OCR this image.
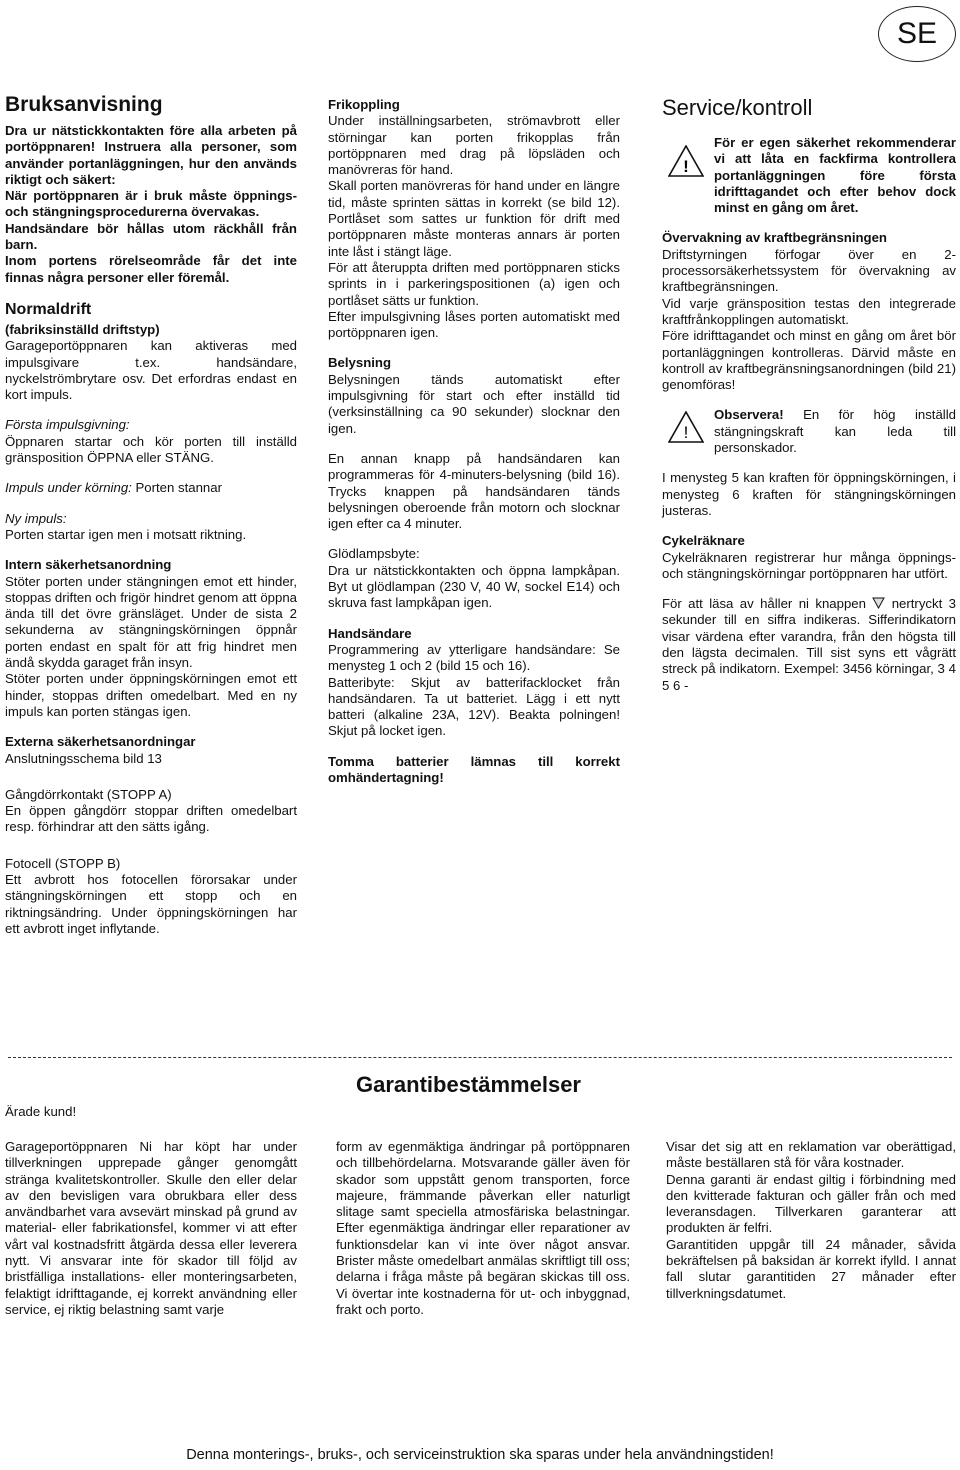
SE
Bruksanvisning

Dra ur nätstickkontakten före alla arbeten på portöppnaren! Instruera alla personer, som använder portanläggningen, hur den används riktigt och säkert:

När portöppnaren är i bruk måste öppnings- och stängningsprocedurerna övervakas.

Handsändare bör hållas utom räckhåll från barn.

Inom portens rörelseområde får det inte finnas några personer eller föremål.

Normaldrift

(fabriksinställd driftstyp)

Garageportöppnaren kan aktiveras med impulsgivare t.ex. handsändare, nyckelströmbrytare osv. Det erfordras endast en kort impuls.

Första impulsgivning:

Öppnaren startar och kör porten till inställd gränsposition ÖPPNA eller STÄNG.

Impuls under körning: Porten stannar

Ny impuls:

Porten startar igen men i motsatt riktning.

Intern säkerhetsanordning

Stöter porten under stängningen emot ett hinder, stoppas driften och frigör hindret genom att öppna ända till det övre gränsläget. Under de sista 2 sekunderna av stängningskörningen öppnår porten endast en spalt för att frig hindret men ändå skydda garaget från insyn.

Stöter porten under öppningskörningen emot ett hinder, stoppas driften omedelbart. Med en ny impuls kan porten stängas igen.

Externa säkerhetsanordningar

Anslutningsschema bild 13

Gångdörrkontakt (STOPP A)

En öppen gångdörr stoppar driften omedelbart resp. förhindrar att den sätts igång.

Fotocell (STOPP B)

Ett avbrott hos fotocellen förorsakar under stängningskörningen ett stopp och en riktningsändring. Under öppningskörningen har ett avbrott inget inflytande.

Frikoppling

Under inställningsarbeten, strömavbrott eller störningar kan porten frikopplas från portöppnaren med drag på löpsläden och manövreras för hand.

Skall porten manövreras för hand under en längre tid, måste sprinten sättas in korrekt (se bild 12). Portlåset som sattes ur funktion för drift med portöppnaren måste monteras annars är porten inte låst i stängt läge.

För att återuppta driften med portöppnaren sticks sprints in i parkeringspositionen (a) igen och portlåset sätts ur funktion.

Efter impulsgivning låses porten automatiskt med portöppnaren igen.

Belysning

Belysningen tänds automatiskt efter impulsgivning för start och efter inställd tid (verksinställning ca 90 sekunder) slocknar den igen.

En annan knapp på handsändaren kan programmeras för 4-minuters-belysning (bild 16). Trycks knappen på handsändaren tänds belysningen oberoende från motorn och slocknar igen efter ca 4 minuter.

Glödlampsbyte:

Dra ur nätstickkontakten och öppna lampkåpan. Byt ut glödlampan (230 V, 40 W, sockel E14) och skruva fast lampkåpan igen.

Handsändare

Programmering av ytterligare handsändare: Se menysteg 1 och 2 (bild 15 och 16).

Batteribyte: Skjut av batterifacklocket från handsändaren. Ta ut batteriet. Lägg i ett nytt batteri (alkaline 23A, 12V). Beakta polningen! Skjut på locket igen.

Tomma batterier lämnas till korrekt omhändertagning!

Service/kontroll
!

För er egen säkerhet rekommenderar vi att låta en fackfirma kontrollera portanläggningen före första idrifttagandet och efter behov dock minst en gång om året.

Övervakning av kraftbegränsningen

Driftstyrningen förfogar över en 2-processorsäkerhetssystem för övervakning av kraftbegränsningen.

Vid varje gränsposition testas den integrerade kraftfrånkopplingen automatiskt.

Före idrifttagandet och minst en gång om året bör portanläggningen kontrolleras. Därvid måste en kontroll av kraftbegränsningsanordningen (bild 21) genomföras!

!

Observera! En för hög inställd stängningskraft kan leda till personskador.

I menysteg 5 kan kraften för öppningskörningen, i menysteg 6 kraften för stängningskörningen justeras.

Cykelräknare

Cykelräknaren registrerar hur många öppnings- och stängningskörningar portöppnaren har utfört.

För att läsa av håller ni knappen  nertryckt 3 sekunder till en siffra indikeras. Sifferindikatorn visar värdena efter varandra, från den högsta till den lägsta decimalen. Till sist syns ett vågrätt streck på indikatorn. Exempel: 3456 körningar, 3 4 5 6 -

Garantibestämmelser
Ärade kund!
Garageportöppnaren Ni har köpt har under tillverkningen upprepade gånger genomgått stränga kvalitetskontroller. Skulle den eller delar av den bevisligen vara obrukbara eller dess användbarhet vara avsevärt minskad på grund av material- eller fabrikationsfel, kommer vi att efter vårt val kostnadsfritt åtgärda dessa eller leverera nytt. Vi ansvarar inte för skador till följd av bristfälliga installations- eller monteringsarbeten, felaktigt idrifttagande, ej korrekt användning eller service, ej riktig belastning samt varje
form av egenmäktiga ändringar på portöppnaren och tillbehördelarna. Motsvarande gäller även för skador som uppstått genom transporten, force majeure, främmande påverkan eller naturligt slitage samt speciella atmosfäriska belastningar. Efter egenmäktiga ändringar eller reparationer av funktionsdelar kan vi inte över något ansvar. Brister måste omedelbart anmälas skriftligt till oss; delarna i fråga måste på begäran skickas till oss. Vi övertar inte kostnaderna för ut- och inbyggnad, frakt och porto.

Visar det sig att en reklamation var oberättigad, måste beställaren stå för våra kostnader.

Denna garanti är endast giltig i förbindning med den kvitterade fakturan och gäller från och med leveransdagen. Tillverkaren garanterar att produkten är felfri.

Garantitiden uppgår till 24 månader, såvida bekräftelsen på baksidan är korrekt ifylld. I annat fall slutar garantitiden 27 månader efter tillverkningsdatumet.

Denna monterings-, bruks-, och serviceinstruktion ska sparas under hela användningstiden!
